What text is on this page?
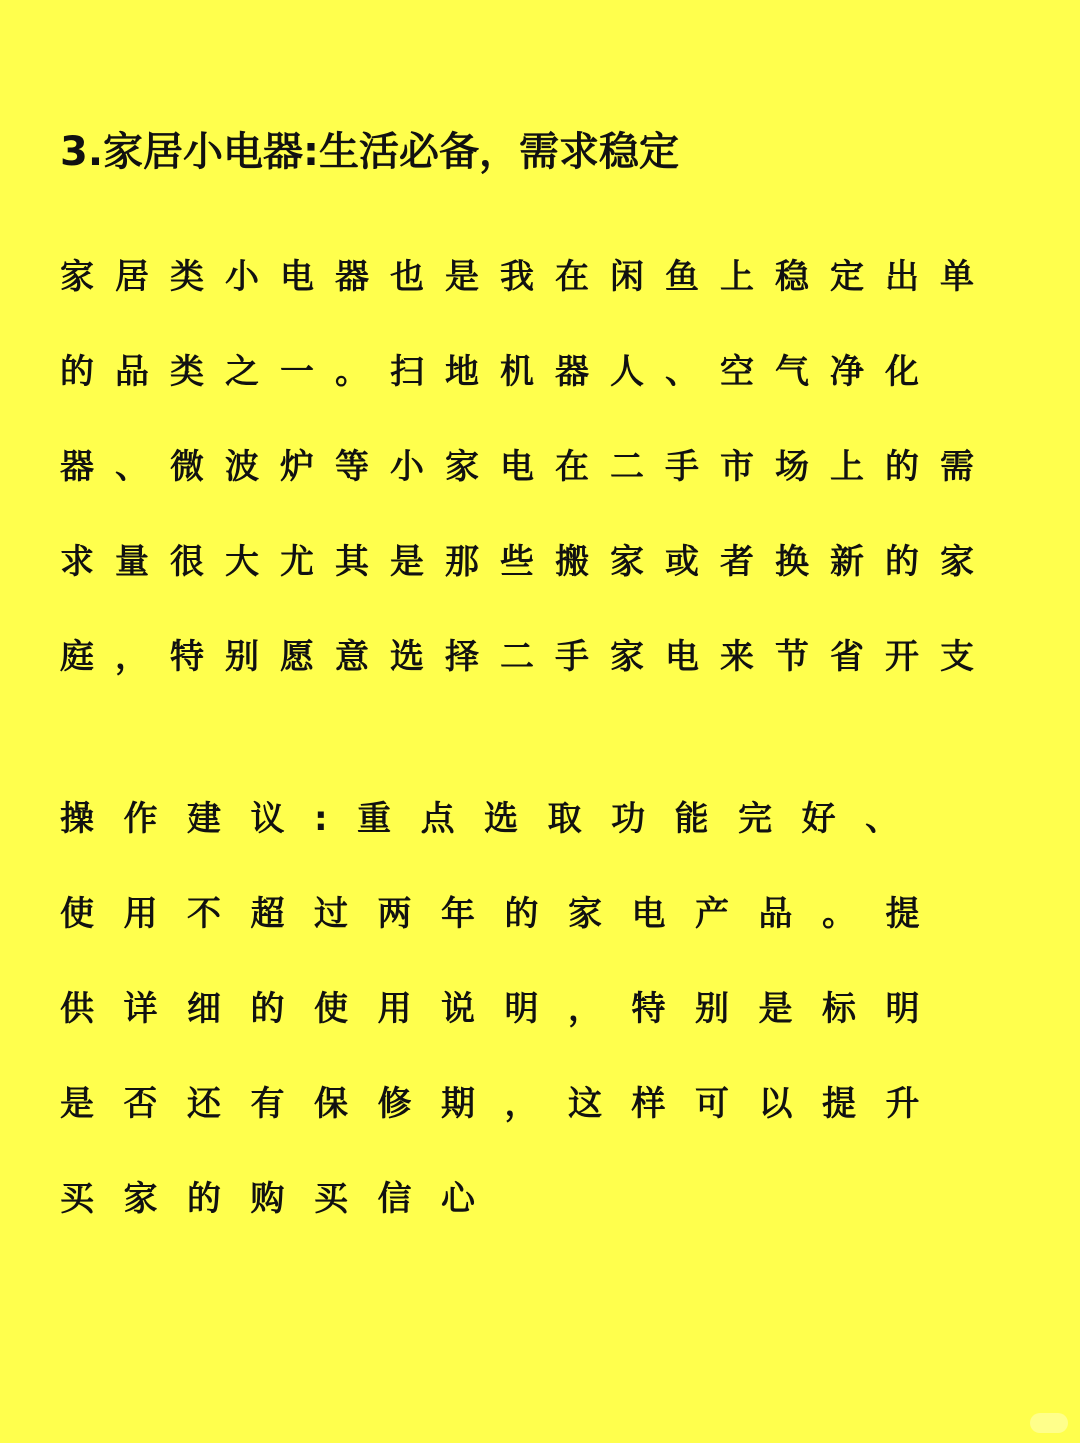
3.家居小电器:生活必备，需求稳定
家居类小电器也是我在闲鱼上稳定出单
的品类之一。扫地机器人、空气净化
器、微波炉等小家电在二手市场上的需
求量很大尤其是那些搬家或者换新的家
庭，特别愿意选择二手家电来节省开支
操作建议:重点选取功能完好、
使用不超过两年的家电产品。提
供详细的使用说明，特别是标明
是否还有保修期，这样可以提升
买家的购买信心
